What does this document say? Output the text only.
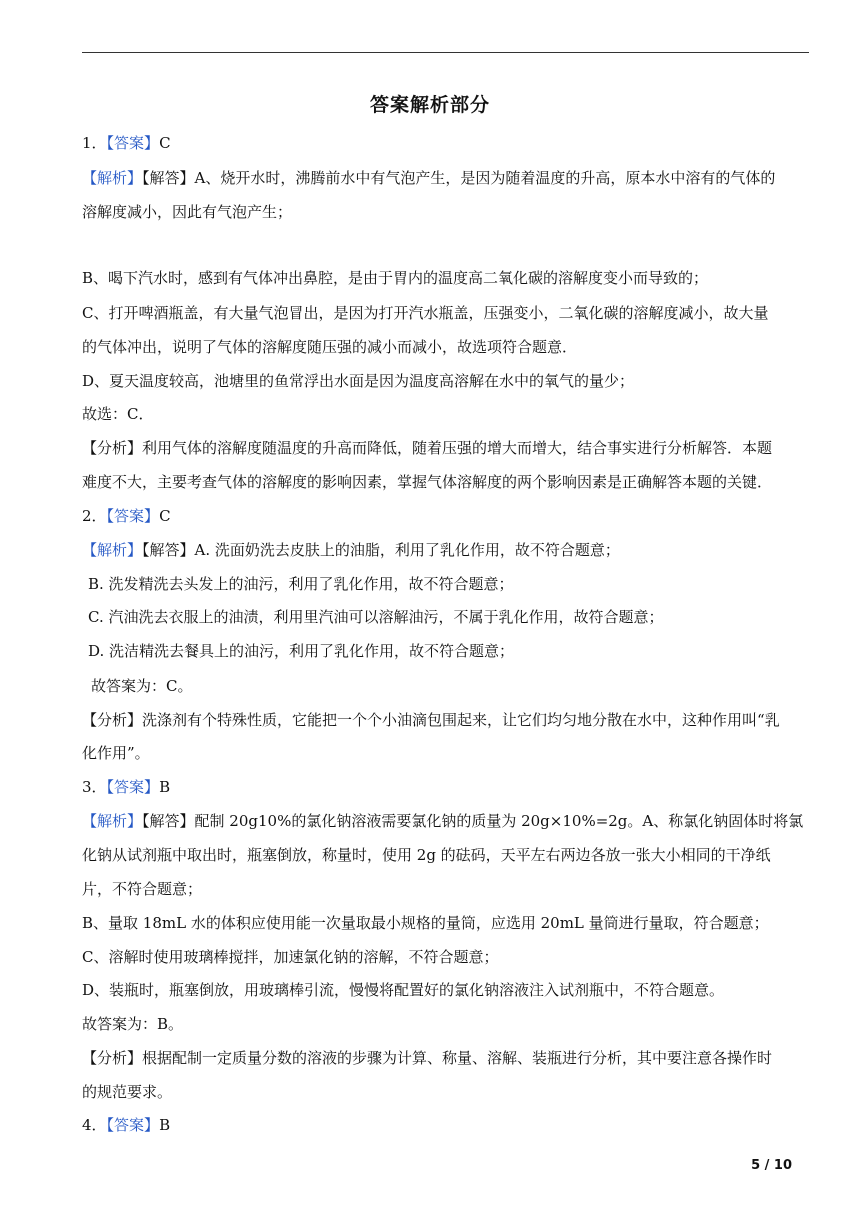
答案解析部分
1．【答案】C
【解析】【解答】A、烧开水时，沸腾前水中有气泡产生，是因为随着温度的升高，原本水中溶有的气体的
溶解度减小，因此有气泡产生；
B、喝下汽水时，感到有气体冲出鼻腔，是由于胃内的温度高二氧化碳的溶解度变小而导致的；
C、打开啤酒瓶盖，有大量气泡冒出，是因为打开汽水瓶盖，压强变小，二氧化碳的溶解度减小，故大量
的气体冲出，说明了气体的溶解度随压强的减小而减小，故选项符合题意．
D、夏天温度较高，池塘里的鱼常浮出水面是因为温度高溶解在水中的氧气的量少；
故选：C．
【分析】利用气体的溶解度随温度的升高而降低，随着压强的增大而增大，结合事实进行分析解答．本题
难度不大，主要考查气体的溶解度的影响因素，掌握气体溶解度的两个影响因素是正确解答本题的关键．
2．【答案】C
【解析】【解答】A. 洗面奶洗去皮肤上的油脂，利用了乳化作用，故不符合题意；
B. 洗发精洗去头发上的油污，利用了乳化作用，故不符合题意；
C. 汽油洗去衣服上的油渍，利用里汽油可以溶解油污，不属于乳化作用，故符合题意；
D. 洗洁精洗去餐具上的油污，利用了乳化作用，故不符合题意；
故答案为：C。
【分析】洗涤剂有个特殊性质，它能把一个个小油滴包围起来，让它们均匀地分散在水中，这种作用叫“乳
化作用”。
3．【答案】B
【解析】【解答】配制 20g10%的氯化钠溶液需要氯化钠的质量为 20g×10%=2g。A、称氯化钠固体时将氯
化钠从试剂瓶中取出时，瓶塞倒放，称量时，使用 2g 的砝码，天平左右两边各放一张大小相同的干净纸
片，不符合题意；
B、量取 18mL 水的体积应使用能一次量取最小规格的量筒，应选用 20mL 量筒进行量取，符合题意；
C、溶解时使用玻璃棒搅拌，加速氯化钠的溶解，不符合题意；
D、装瓶时，瓶塞倒放，用玻璃棒引流，慢慢将配置好的氯化钠溶液注入试剂瓶中，不符合题意。
故答案为：B。
【分析】根据配制一定质量分数的溶液的步骤为计算、称量、溶解、装瓶进行分析，其中要注意各操作时
的规范要求。
4．【答案】B
5 / 10
